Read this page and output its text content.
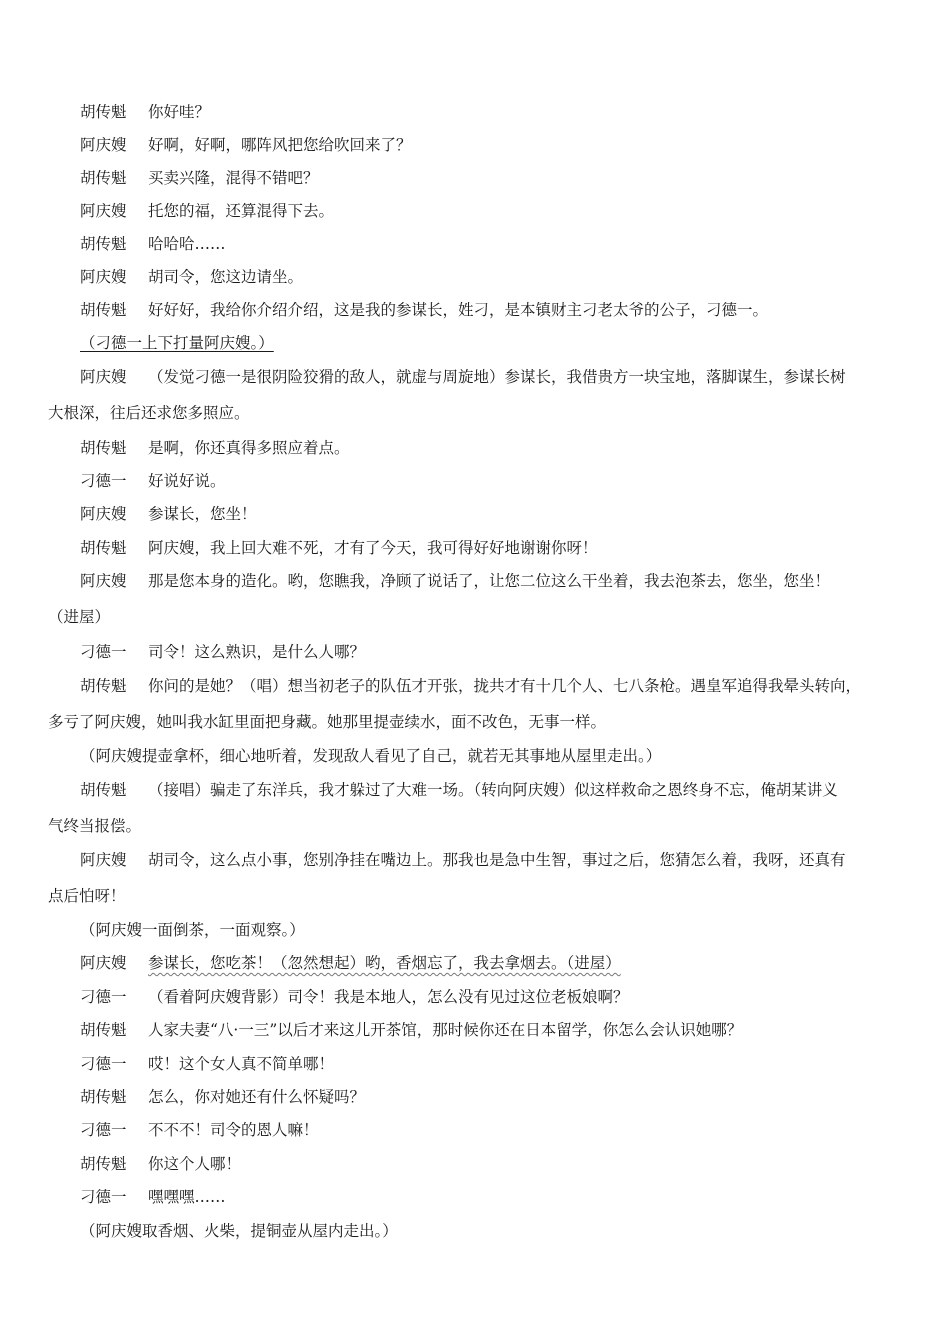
胡传魁 你好哇？
阿庆嫂 好啊，好啊，哪阵风把您给吹回来了？
胡传魁 买卖兴隆，混得不错吧？
阿庆嫂 托您的福，还算混得下去。
胡传魁 哈哈哈……
阿庆嫂 胡司令，您这边请坐。
胡传魁 好好好，我给你介绍介绍，这是我的参谋长，姓刁，是本镇财主刁老太爷的公子，刁德一。
（刁德一上下打量阿庆嫂。）
阿庆嫂 （发觉刁德一是很阴险狡猾的敌人，就虚与周旋地）参谋长，我借贵方一块宝地，落脚谋生，参谋长树
大根深，往后还求您多照应。
胡传魁 是啊，你还真得多照应着点。
刁德一 好说好说。
阿庆嫂 参谋长，您坐！
胡传魁 阿庆嫂，我上回大难不死，才有了今天，我可得好好地谢谢你呀！
阿庆嫂 那是您本身的造化。哟，您瞧我，净顾了说话了，让您二位这么干坐着，我去泡茶去，您坐，您坐！
（进屋）
刁德一 司令！这么熟识，是什么人哪？
胡传魁 你问的是她？（唱）想当初老子的队伍才开张，拢共才有十几个人、七八条枪。遇皇军追得我晕头转向，
多亏了阿庆嫂，她叫我水缸里面把身藏。她那里提壶续水，面不改色，无事一样。
（阿庆嫂提壶拿杯，细心地听着，发现敌人看见了自己，就若无其事地从屋里走出。）
胡传魁 （接唱）骗走了东洋兵，我才躲过了大难一场。（转向阿庆嫂）似这样救命之恩终身不忘，俺胡某讲义
气终当报偿。
阿庆嫂 胡司令，这么点小事，您别净挂在嘴边上。那我也是急中生智，事过之后，您猜怎么着，我呀，还真有
点后怕呀！
（阿庆嫂一面倒茶，一面观察。）
阿庆嫂 参谋长，您吃茶！（忽然想起）哟，香烟忘了，我去拿烟去。（进屋）
刁德一 （看着阿庆嫂背影）司令！我是本地人，怎么没有见过这位老板娘啊？
胡传魁 人家夫妻“八·一三”以后才来这儿开茶馆，那时候你还在日本留学，你怎么会认识她哪？
刁德一 哎！这个女人真不简单哪！
胡传魁 怎么，你对她还有什么怀疑吗？
刁德一 不不不！司令的恩人嘛！
胡传魁 你这个人哪！
刁德一 嘿嘿嘿……
（阿庆嫂取香烟、火柴，提铜壶从屋内走出。）
